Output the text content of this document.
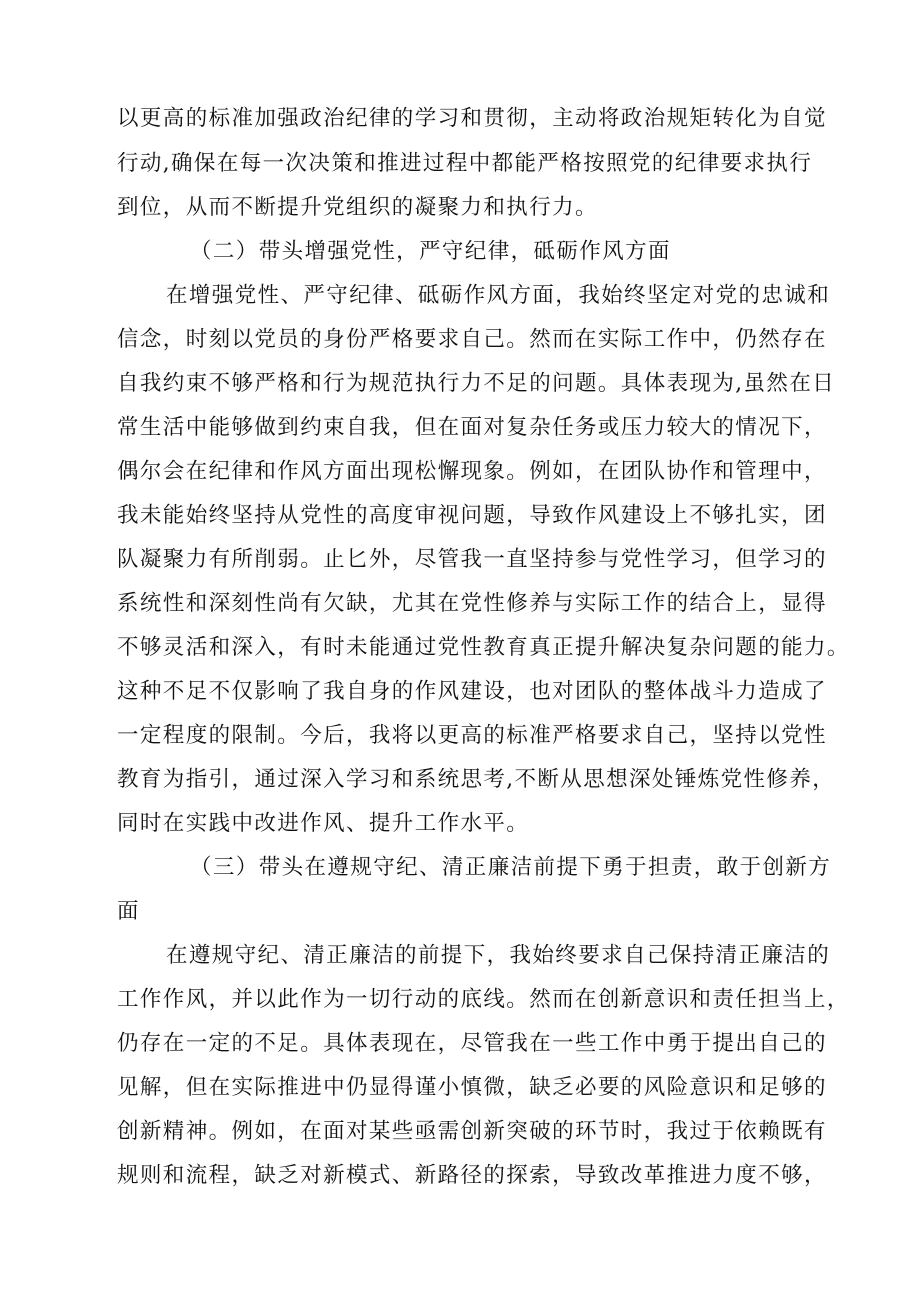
以更高的标准加强政治纪律的学习和贯彻，主动将政治规矩转化为自觉
行动,确保在每一次决策和推进过程中都能严格按照党的纪律要求执行
到位，从而不断提升党组织的凝聚力和执行力。
（二）带头增强党性，严守纪律，砥砺作风方面
在增强党性、严守纪律、砥砺作风方面，我始终坚定对党的忠诚和
信念，时刻以党员的身份严格要求自己。然而在实际工作中，仍然存在
自我约束不够严格和行为规范执行力不足的问题。具体表现为,虽然在日
常生活中能够做到约束自我，但在面对复杂任务或压力较大的情况下，
偶尔会在纪律和作风方面出现松懈现象。例如，在团队协作和管理中，
我未能始终坚持从党性的高度审视问题，导致作风建设上不够扎实，团
队凝聚力有所削弱。止匕外，尽管我一直坚持参与党性学习，但学习的
系统性和深刻性尚有欠缺，尤其在党性修养与实际工作的结合上，显得
不够灵活和深入，有时未能通过党性教育真正提升解决复杂问题的能力。
这种不足不仅影响了我自身的作风建设，也对团队的整体战斗力造成了
一定程度的限制。今后，我将以更高的标准严格要求自己，坚持以党性
教育为指引，通过深入学习和系统思考,不断从思想深处锤炼党性修养，
同时在实践中改进作风、提升工作水平。
（三）带头在遵规守纪、清正廉洁前提下勇于担责，敢于创新方
面
在遵规守纪、清正廉洁的前提下，我始终要求自己保持清正廉洁的
工作作风，并以此作为一切行动的底线。然而在创新意识和责任担当上，
仍存在一定的不足。具体表现在，尽管我在一些工作中勇于提出自己的
见解，但在实际推进中仍显得谨小慎微，缺乏必要的风险意识和足够的
创新精神。例如，在面对某些亟需创新突破的环节时，我过于依赖既有
规则和流程，缺乏对新模式、新路径的探索，导致改革推进力度不够，
